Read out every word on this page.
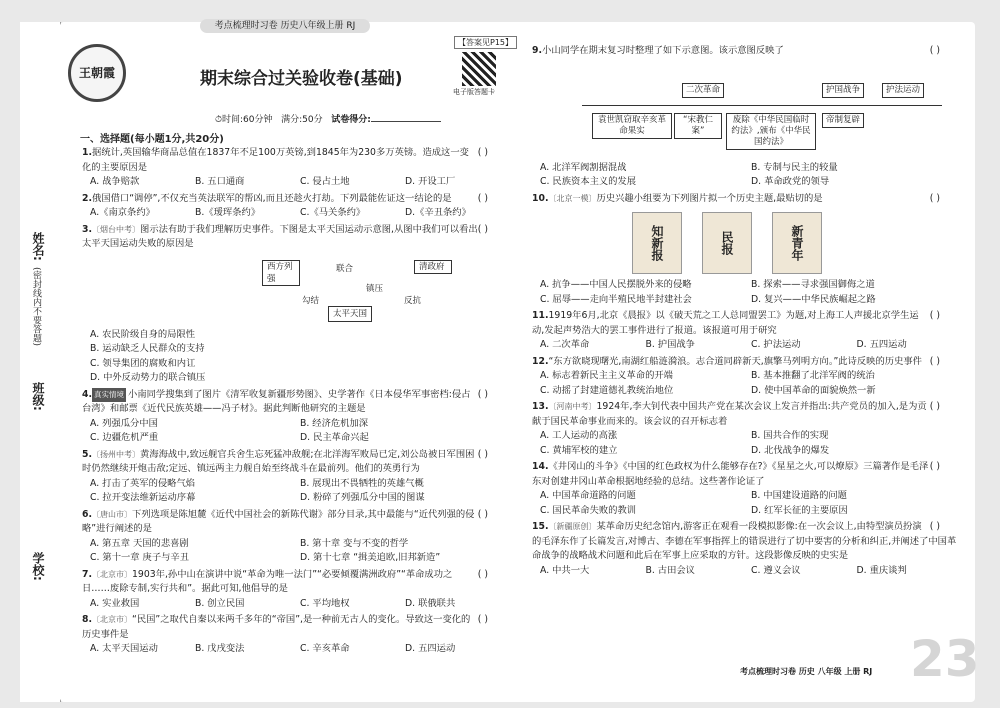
姓名:
(密封线内不要答题)
班级:
学校:
考点梳理时习卷 历史八年级上册 RJ
王朝霞	期末综合过关验收卷(基础)
【答案见P15】
电子版答题卡
⏱时间:60分钟 满分:50分 试卷得分:
一、选择题(每小题1分,共20分)
( )
1.据统计,英国输华商品总值在1837年不足100万英镑,到1845年为230多万英镑。造成这一变化的主要原因是
A. 战争赔款	B. 五口通商	C. 侵占土地	D. 开设工厂
( )
2.俄国借口“调停”,不仅充当英法联军的帮凶,而且还趁火打劫。下列最能佐证这一结论的是
A.《南京条约》	B.《瑷珲条约》	C.《马关条约》	D.《辛丑条约》
( )
3.〔烟台中考〕图示法有助于我们理解历史事件。下图是太平天国运动示意图,从图中我们可以看出太平天国运动失败的原因是
西方列强
清政府
太平天国
联合
镇压
勾结	反抗
A. 农民阶级自身的局限性
B. 运动缺乏人民群众的支持
C. 领导集团的腐败和内讧
D. 中外反动势力的联合镇压
( )
4. 真实情境 小南同学搜集到了图片《清军收复新疆形势图》、史学著作《日本侵华军事密档:侵占台湾》和邮票《近代民族英雄——冯子材》。据此判断他研究的主题是
A. 列强瓜分中国	B. 经济危机加深
C. 边疆危机严重	D. 民主革命兴起
( )
5.〔扬州中考〕黄海海战中,致远舰官兵舍生忘死猛冲敌舰;在北洋海军败局已定,刘公岛被日军围困时仍然继续开炮击敌;定远、镇远两主力舰自始至终战斗在最前列。他们的英勇行为
A. 打击了英军的侵略气焰	B. 展现出不畏牺牲的英雄气概
C. 拉开变法维新运动序幕	D. 粉碎了列强瓜分中国的图谋
( )
6.〔唐山市〕下列选项是陈旭麓《近代中国社会的新陈代谢》部分目录,其中最能与“近代列强的侵略”进行阐述的是
A. 第五章 天国的悲喜剧	B. 第十章 变与不变的哲学
C. 第十一章 庚子与辛丑	D. 第十七章 “揖美追欧,旧邦新造”
( )
7.〔北京市〕1903年,孙中山在演讲中说“革命为唯一法门”“必要倾覆满洲政府”“革命成功之日……废除专制,实行共和”。据此可知,他倡导的是
A. 实业救国	B. 创立民国	C. 平均地权	D. 联俄联共
( )
8.〔北京市〕“民国”之取代自秦以来两千多年的“帝国”,是一种前无古人的变化。导致这一变化的历史事件是
A. 太平天国运动	B. 戊戌变法	C. 辛亥革命	D. 五四运动
( )
9.小山同学在期末复习时整理了如下示意图。该示意图反映了
二次革命	护国战争	护法运动
袁世凯窃取辛亥革命果实
“宋教仁案”
废除《中华民国临时约法》,颁布《中华民国约法》
帝制复辟
A. 北洋军阀割据混战	B. 专制与民主的较量
C. 民族资本主义的发展	D. 革命政党的领导
( )
10.〔北京一模〕历史兴趣小组要为下列图片拟一个历史主题,最贴切的是
知新报	民报	新青年
A. 抗争——中国人民摆脱外来的侵略	B. 探索——寻求强国御侮之道
C. 屈辱——走向半殖民地半封建社会	D. 复兴——中华民族崛起之路
( )
11.1919年6月,北京《晨报》以《破天荒之工人总同盟罢工》为题,对上海工人声援北京学生运动,发起声势浩大的罢工事件进行了报道。该报道可用于研究
A. 二次革命	B. 护国战争	C. 护法运动	D. 五四运动
( )
12.“东方欲晓现曙光,南湖红船涟漪浪。志合道同辟新天,旗擎马列明方向。”此诗反映的历史事件
A. 标志着新民主主义革命的开端	B. 基本推翻了北洋军阀的统治
C. 动摇了封建道德礼教统治地位	D. 使中国革命的面貌焕然一新
( )
13.〔河南中考〕1924年,李大钊代表中国共产党在某次会议上发言并指出:共产党员的加入,是为贡献于国民革命事业而来的。该会议的召开标志着
A. 工人运动的高涨	B. 国共合作的实现
C. 黄埔军校的建立	D. 北伐战争的爆发
( )
14.《井冈山的斗争》《中国的红色政权为什么能够存在?》《星星之火,可以燎原》三篇著作是毛泽东对创建井冈山革命根据地经验的总结。这些著作论证了
A. 中国革命道路的问题	B. 中国建设道路的问题
C. 国民革命失败的教训	D. 红军长征的主要原因
( )
15.〔新疆原创〕某革命历史纪念馆内,游客正在观看一段模拟影像:在一次会议上,由特型演员扮演的毛泽东作了长篇发言,对博古、李德在军事指挥上的错误进行了切中要害的分析和纠正,并阐述了中国革命战争的战略战术问题和此后在军事上应采取的方针。这段影像反映的史实是
A. 中共一大	B. 古田会议	C. 遵义会议	D. 重庆谈判
考点梳理时习卷 历史 八年级 上册 RJ 23
